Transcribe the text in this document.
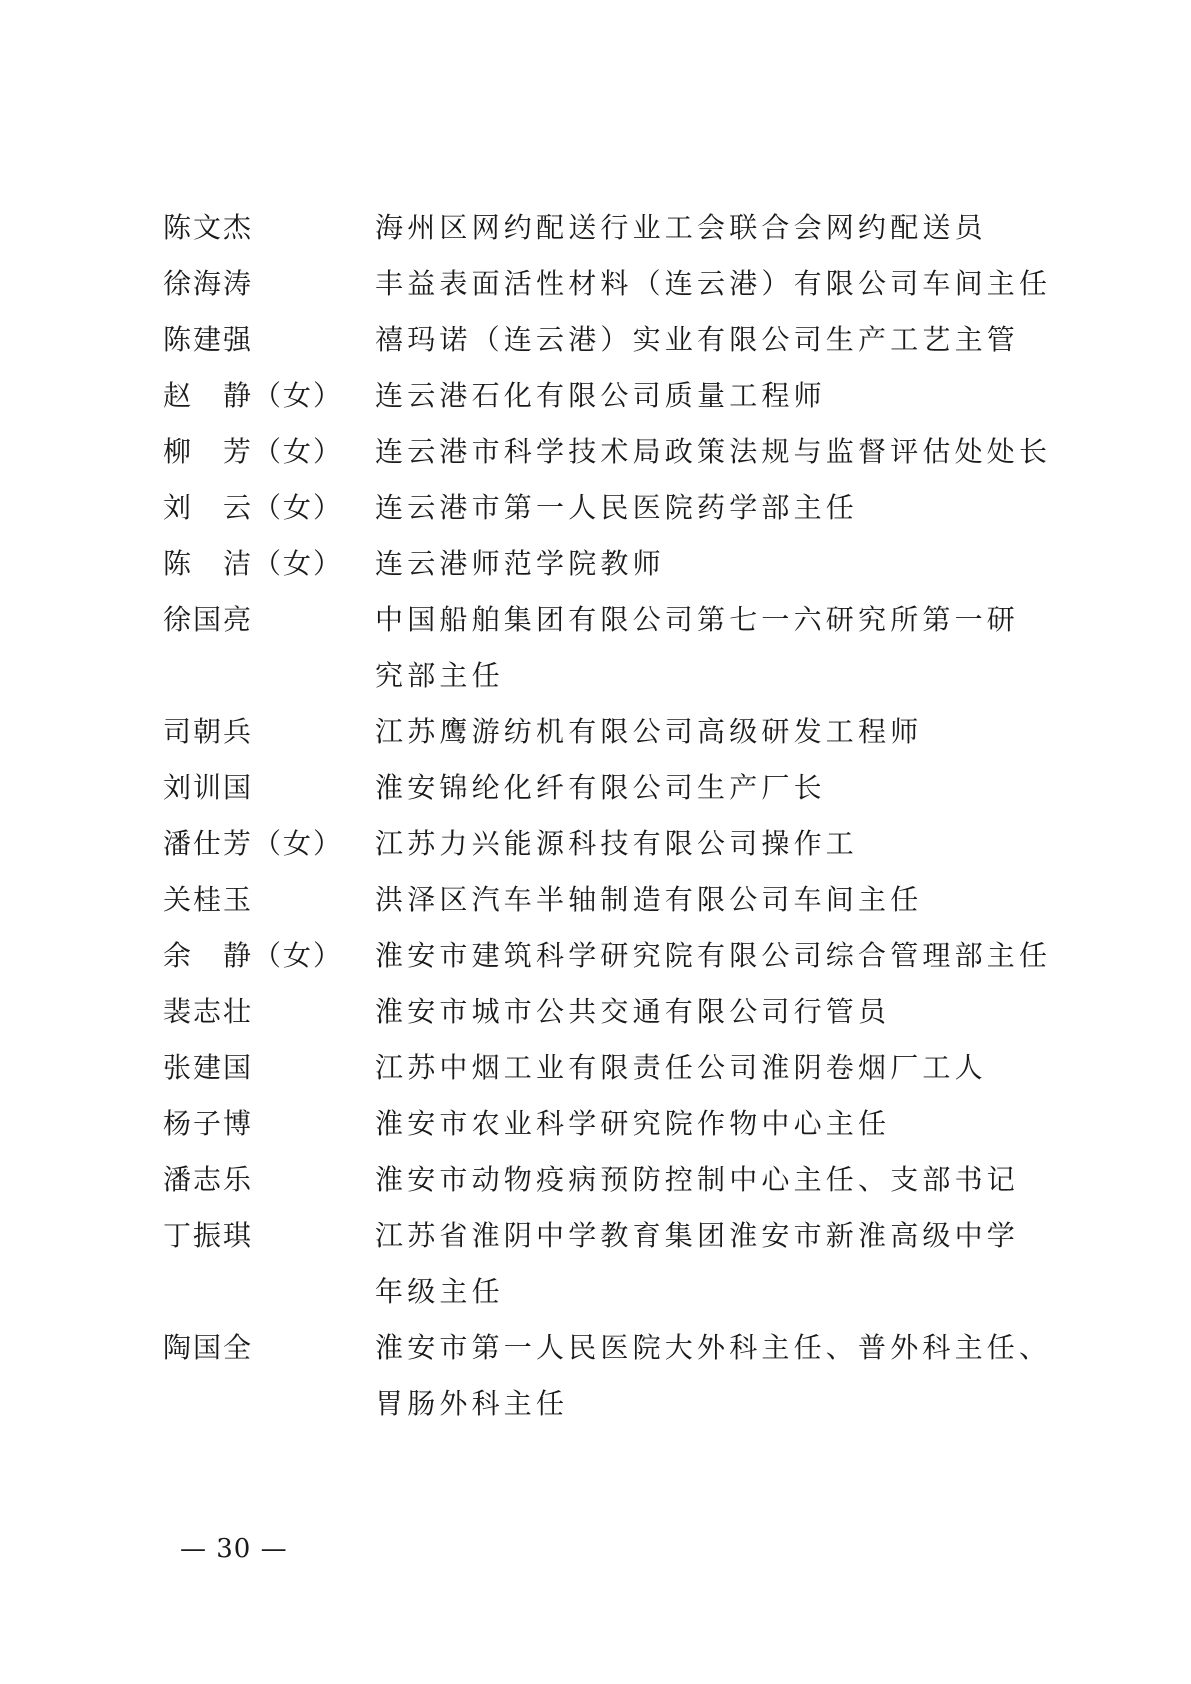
陈文杰	海州区网约配送行业工会联合会网约配送员
徐海涛	丰益表面活性材料（连云港）有限公司车间主任
陈建强	禧玛诺（连云港）实业有限公司生产工艺主管
赵　静（女） 连云港石化有限公司质量工程师
柳　芳（女） 连云港市科学技术局政策法规与监督评估处处长
刘　云（女） 连云港市第一人民医院药学部主任
陈　洁（女） 连云港师范学院教师
徐国亮	中国船舶集团有限公司第七一六研究所第一研
究部主任
司朝兵	江苏鹰游纺机有限公司高级研发工程师
刘训国	淮安锦纶化纤有限公司生产厂长
潘仕芳（女） 江苏力兴能源科技有限公司操作工
关桂玉	洪泽区汽车半轴制造有限公司车间主任
余　静（女） 淮安市建筑科学研究院有限公司综合管理部主任
裴志壮	淮安市城市公共交通有限公司行管员
张建国	江苏中烟工业有限责任公司淮阴卷烟厂工人
杨子博	淮安市农业科学研究院作物中心主任
潘志乐	淮安市动物疫病预防控制中心主任、支部书记
丁振琪	江苏省淮阴中学教育集团淮安市新淮高级中学
年级主任
陶国全	淮安市第一人民医院大外科主任、普外科主任、
胃肠外科主任
— 30 —
